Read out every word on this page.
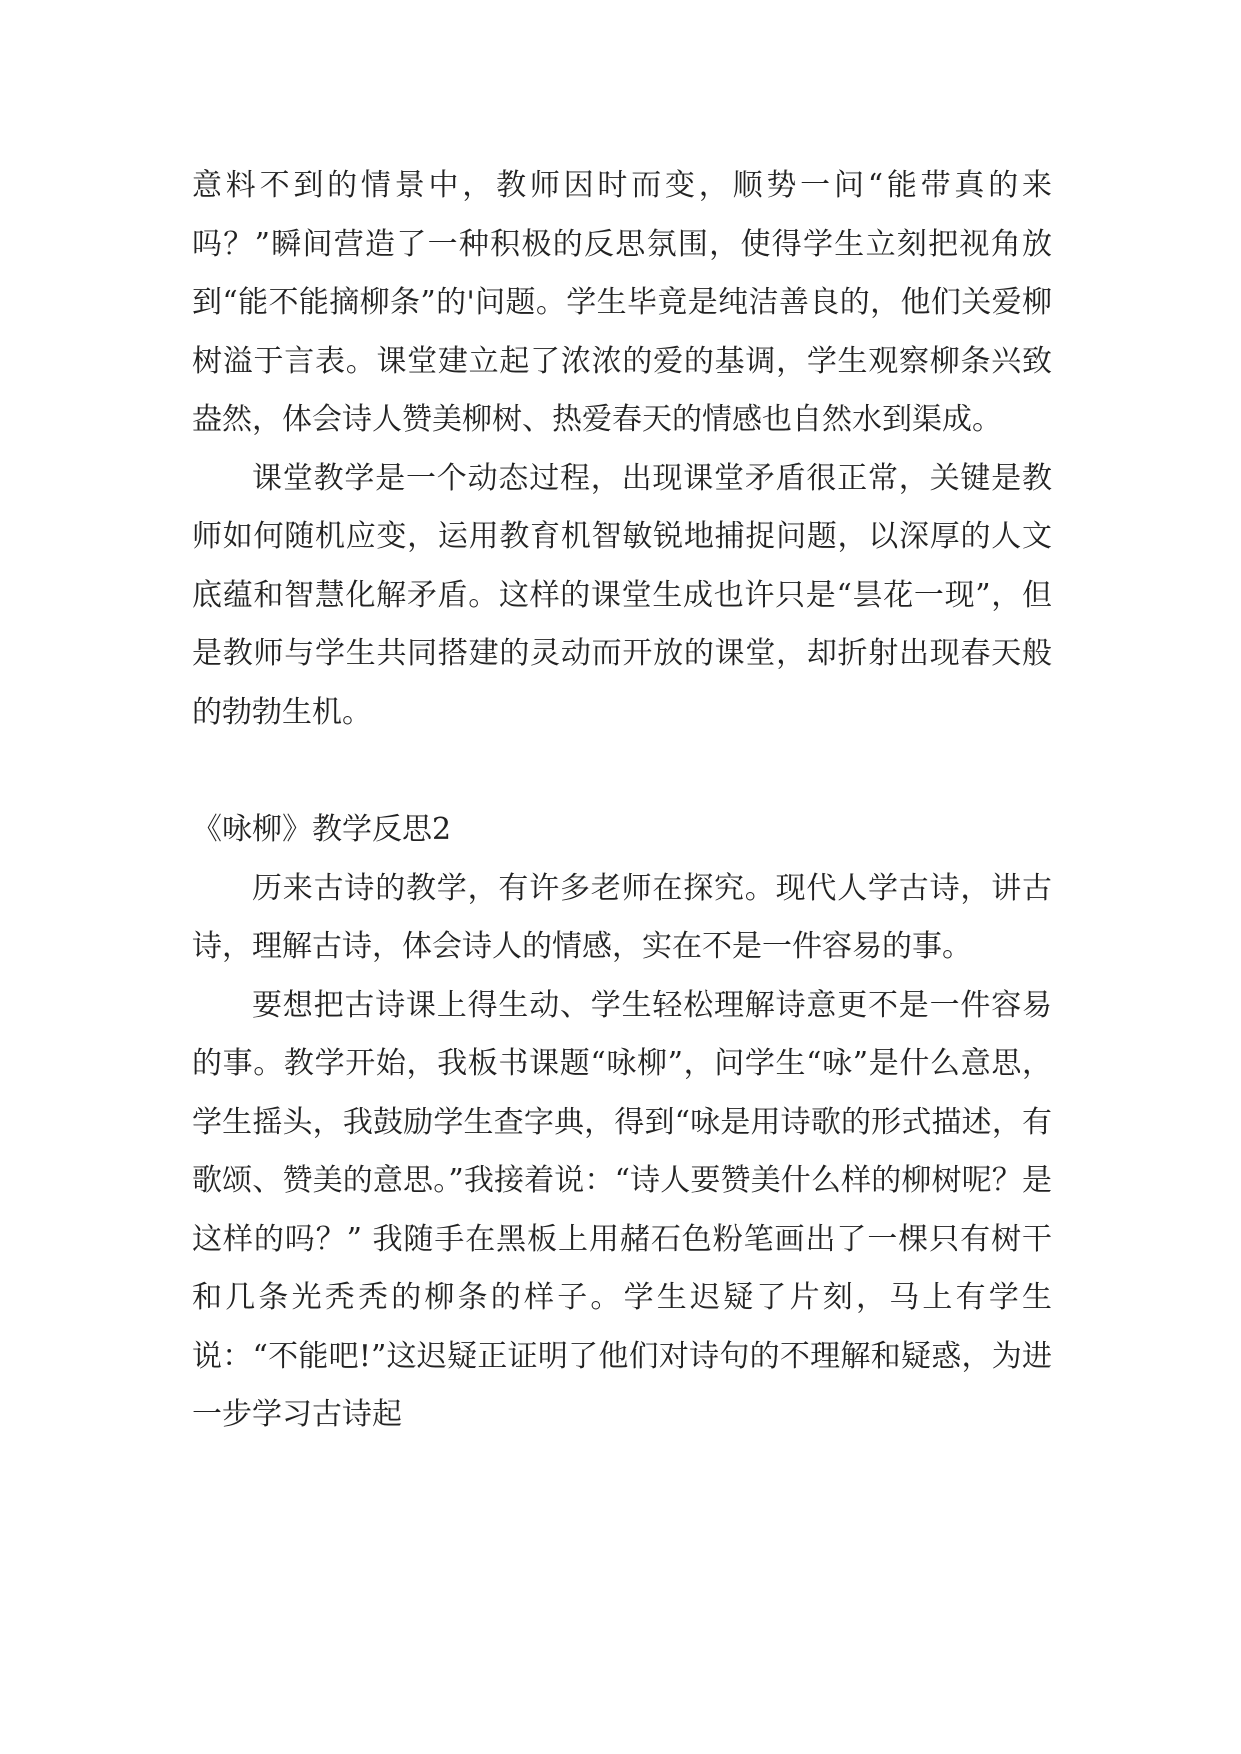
意料不到的情景中，教师因时而变，顺势一问“能带真的来吗？”瞬间营造了一种积极的反思氛围，使得学生立刻把视角放到“能不能摘柳条”的'问题。学生毕竟是纯洁善良的，他们关爱柳树溢于言表。课堂建立起了浓浓的爱的基调，学生观察柳条兴致盎然，体会诗人赞美柳树、热爱春天的情感也自然水到渠成。

课堂教学是一个动态过程，出现课堂矛盾很正常，关键是教师如何随机应变，运用教育机智敏锐地捕捉问题，以深厚的人文底蕴和智慧化解矛盾。这样的课堂生成也许只是“昙花一现”，但是教师与学生共同搭建的灵动而开放的课堂，却折射出现春天般的勃勃生机。

《咏柳》教学反思2

历来古诗的教学，有许多老师在探究。现代人学古诗，讲古诗，理解古诗，体会诗人的情感，实在不是一件容易的事。

要想把古诗课上得生动、学生轻松理解诗意更不是一件容易的事。教学开始，我板书课题“咏柳”，问学生“咏”是什么意思，学生摇头，我鼓励学生查字典，得到“咏是用诗歌的形式描述，有歌颂、赞美的意思。”我接着说：“诗人要赞美什么样的柳树呢？是这样的吗？” 我随手在黑板上用赭石色粉笔画出了一棵只有树干和几条光秃秃的柳条的样子。学生迟疑了片刻，马上有学生说：“不能吧!”这迟疑正证明了他们对诗句的不理解和疑惑，为进一步学习古诗起
